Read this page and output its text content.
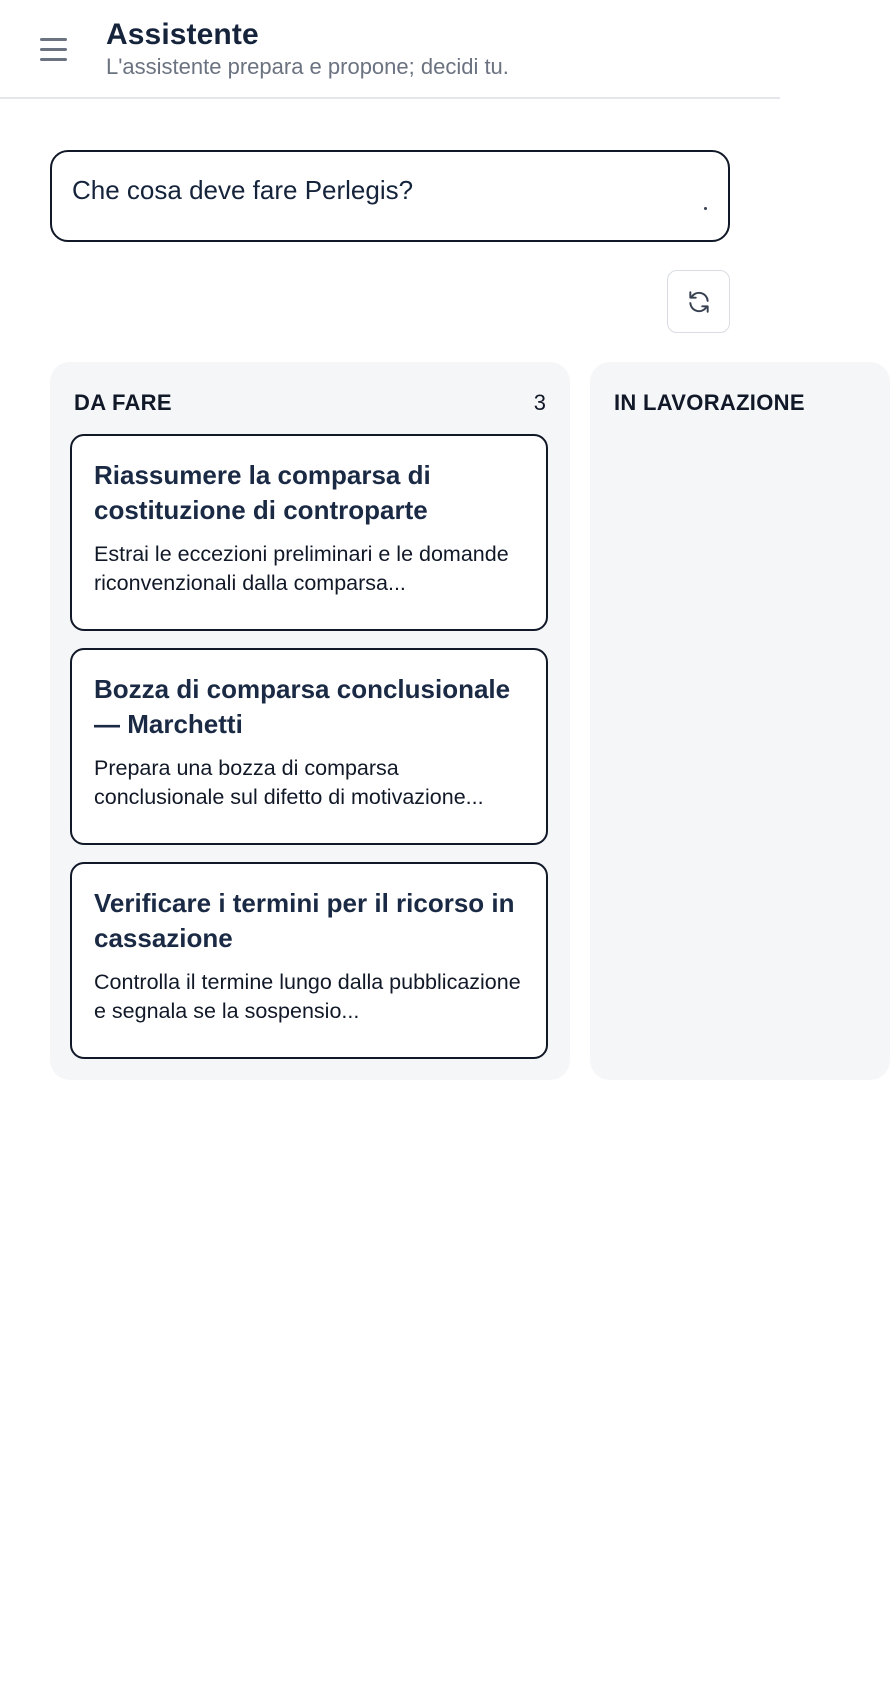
Assistente
L'assistente prepara e propone; decidi tu.
Che cosa deve fare Perlegis?
DA FARE	3
Riassumere la comparsa di costituzione di controparte
Estrai le eccezioni preliminari e le domande riconvenzionali dalla comparsa...
Bozza di comparsa conclusionale — Marchetti
Prepara una bozza di comparsa conclusionale sul difetto di motivazione...
Verificare i termini per il ricorso in cassazione
Controlla il termine lungo dalla pubblicazione e segnala se la sospensio...
IN LAVORAZIONE
